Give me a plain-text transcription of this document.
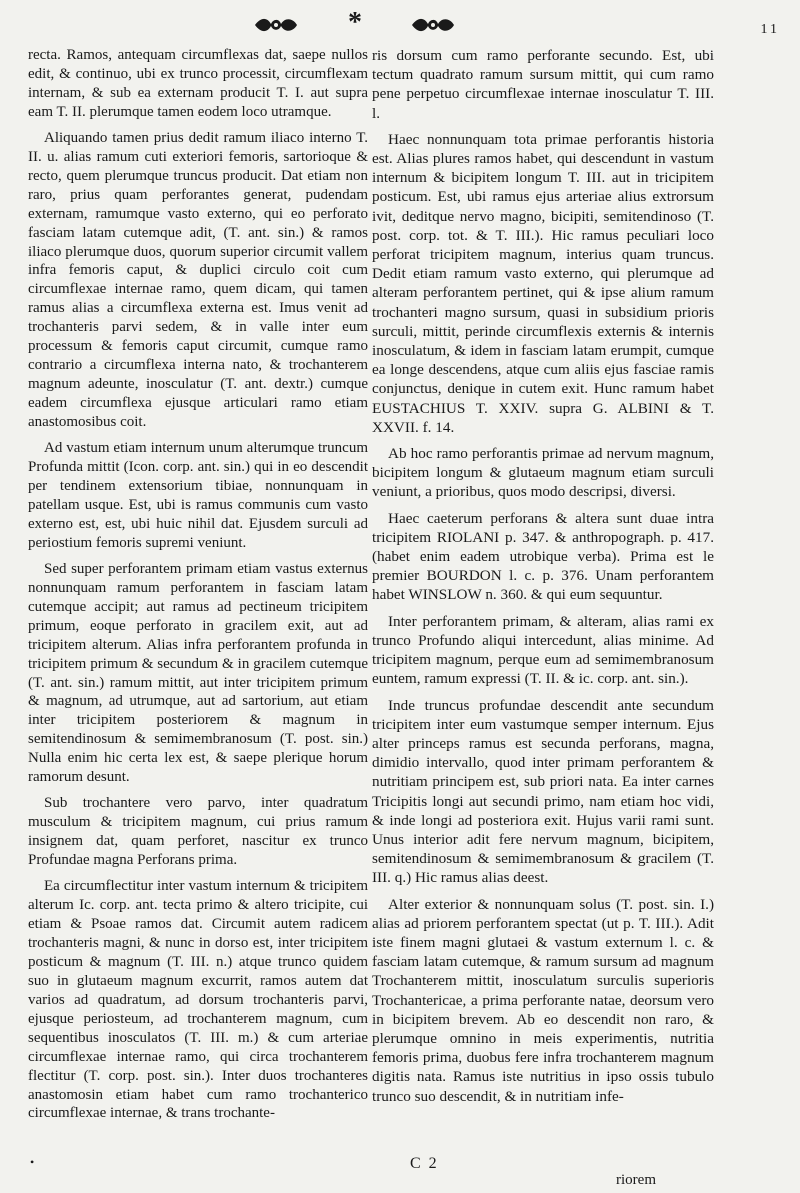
*	11

recta. Ramos, antequam circumflexas dat, saepe nullos edit, & continuo, ubi ex trunco processit, circumflexam internam, & sub ea externam producit T. I. aut supra eam T. II. plerumque tamen eodem loco utramque.

Aliquando tamen prius dedit ramum iliaco interno T. II. u. alias ramum cuti exteriori femoris, sartorioque & recto, quem plerumque truncus producit. Dat etiam non raro, prius quam perforantes generat, pudendam externam, ramumque vasto externo, qui eo perforato fasciam latam cutemque adit, (T. ant. sin.) & ramos iliaco plerumque duos, quorum superior circumit vallem infra femoris caput, & duplici circulo coit cum circumflexae internae ramo, quem dicam, qui tamen ramus alias a circumflexa externa est. Imus venit ad trochanteris parvi sedem, & in valle inter eum processum & femoris caput circumit, cumque ramo contrario a circumflexa interna nato, & trochanterem magnum adeunte, inosculatur (T. ant. dextr.) cumque eadem circumflexa ejusque articulari ramo etiam anastomosibus coit.

Ad vastum etiam internum unum alterumque truncum Profunda mittit (Icon. corp. ant. sin.) qui in eo descendit per tendinem extensorium tibiae, nonnunquam in patellam usque. Est, ubi is ramus communis cum vasto externo est, est, ubi huic nihil dat. Ejusdem surculi ad periostium femoris supremi veniunt.

Sed super perforantem primam etiam vastus externus nonnunquam ramum perforantem in fasciam latam cutemque accipit; aut ramus ad pectineum tricipitem primum, eoque perforato in gracilem exit, aut ad tricipitem alterum. Alias infra perforantem profunda in tricipitem primum & secundum & in gracilem cutemque (T. ant. sin.) ramum mittit, aut inter tricipitem primum & magnum, ad utrumque, aut ad sartorium, aut etiam inter tricipitem posteriorem & magnum in semitendinosum & semimembranosum (T. post. sin.) Nulla enim hic certa lex est, & saepe plerique horum ramorum desunt.

Sub trochantere vero parvo, inter quadratum musculum & tricipitem magnum, cui prius ramum insignem dat, quam perforet, nascitur ex trunco Profundae magna Perforans prima.

Ea circumflectitur inter vastum internum & tricipitem alterum Ic. corp. ant. tecta primo & altero tricipite, cui etiam & Psoae ramos dat. Circumit autem radicem trochanteris magni, & nunc in dorso est, inter tricipitem posticum & magnum (T. III. n.) atque trunco quidem suo in glutaeum magnum excurrit, ramos autem dat varios ad quadratum, ad dorsum trochanteris parvi, ejusque periosteum, ad trochanterem magnum, cum sequentibus inosculatos (T. III. m.) & cum arteriae circumflexae internae ramo, qui circa trochanterem flectitur (T. corp. post. sin.). Inter duos trochanteres anastomosin etiam habet cum ramo trochanterico circumflexae internae, & trans trochante-

ris dorsum cum ramo perforante secundo. Est, ubi tectum quadrato ramum sursum mittit, qui cum ramo pene perpetuo circumflexae internae inosculatur T. III. l.

Haec nonnunquam tota primae perforantis historia est. Alias plures ramos habet, qui descendunt in vastum internum & bicipitem longum T. III. aut in tricipitem posticum. Est, ubi ramus ejus arteriae alius extrorsum ivit, deditque nervo magno, bicipiti, semitendinoso (T. post. corp. tot. & T. III.). Hic ramus peculiari loco perforat tricipitem magnum, interius quam truncus. Dedit etiam ramum vasto externo, qui plerumque ad alteram perforantem pertinet, qui & ipse alium ramum trochanteri magno sursum, quasi in subsidium prioris surculi, mittit, perinde circumflexis externis & internis inosculatum, & idem in fasciam latam erumpit, cumque ea longe descendens, atque cum aliis ejus fasciae ramis conjunctus, denique in cutem exit. Hunc ramum habet EUSTACHIUS T. XXIV. supra G. ALBINI & T. XXVII. f. 14.

Ab hoc ramo perforantis primae ad nervum magnum, bicipitem longum & glutaeum magnum etiam surculi veniunt, a prioribus, quos modo descripsi, diversi.

Haec caeterum perforans & altera sunt duae intra tricipitem RIOLANI p. 347. & anthropograph. p. 417. (habet enim eadem utrobique verba). Prima est le premier BOURDON l. c. p. 376. Unam perforantem habet WINSLOW n. 360. & qui eum sequuntur.

Inter perforantem primam, & alteram, alias rami ex trunco Profundo aliqui intercedunt, alias minime. Ad tricipitem magnum, perque eum ad semimembranosum euntem, ramum expressi (T. II. & ic. corp. ant. sin.).

Inde truncus profundae descendit ante secundum tricipitem inter eum vastumque semper internum. Ejus alter princeps ramus est secunda perforans, magna, dimidio intervallo, quod inter primam perforantem & nutritiam principem est, sub priori nata. Ea inter carnes Tricipitis longi aut secundi primo, nam etiam hoc vidi, & inde longi ad posteriora exit. Hujus varii rami sunt. Unus interior adit fere nervum magnum, bicipitem, semitendinosum & semimembranosum & gracilem (T. III. q.) Hic ramus alias deest.

Alter exterior & nonnunquam solus (T. post. sin. I.) alias ad priorem perforantem spectat (ut p. T. III.). Adit iste finem magni glutaei & vastum externum l. c. & fasciam latam cutemque, & ramum sursum ad magnum Trochanterem mittit, inosculatum surculis superioris Trochantericae, a prima perforante natae, deorsum vero in bicipitem brevem. Ab eo descendit non raro, & plerumque omnino in meis experimentis, nutritia femoris prima, duobus fere infra trochanterem magnum digitis nata. Ramus iste nutritius in ipso ossis tubulo trunco suo descendit, & in nutritiam infe-

•	C 2
riorem
